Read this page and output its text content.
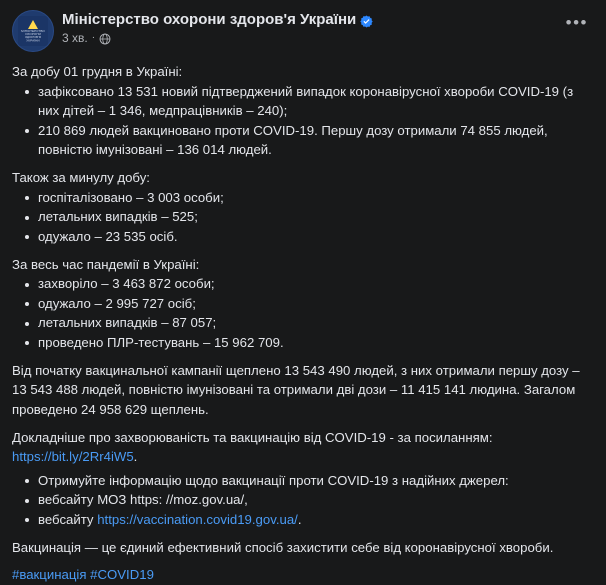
МІНІСТЕРСТВО ОХОРОНИ ЗДОРОВ'Я УКРАЇНИ
Міністерство охорони здоров'я України
3 хв. ·
•••

За добу 01 грудня в Україні:

зафіксовано 13 531 новий підтверджений випадок коронавірусної хвороби COVID-19 (з них дітей – 1 346, медпрацівників – 240);
210 869 людей вакциновано проти COVID-19. Першу дозу отримали 74 855 людей, повністю імунізовані – 136 014 людей.

Також за минулу добу:

госпіталізовано – 3 003 особи;
летальних випадків – 525;
одужало – 23 535 осіб.

За весь час пандемії в Україні:

захворіло – 3 463 872 особи;
одужало – 2 995 727 осіб;
летальних випадків – 87 057;
проведено ПЛР-тестувань – 15 962 709.

Від початку вакцинальної кампанії щеплено 13 543 490 людей, з них отримали першу дозу – 13 543 488 людей, повністю імунізовані та отримали дві дози – 11 415 141 людина. Загалом проведено 24 958 629 щеплень.

Докладніше про захворюваність та вакцинацію від COVID-19 - за посиланням:

https://bit.ly/2Rr4iW5.

Отримуйте інформацію щодо вакцинації проти COVID-19 з надійних джерел:
вебсайту МОЗ https: //moz.gov.ua/,
вебсайту https://vaccination.covid19.gov.ua/.

Вакцинація — це єдиний ефективний спосіб захистити себе від коронавірусної хвороби.

#вакцинація #COVID19
